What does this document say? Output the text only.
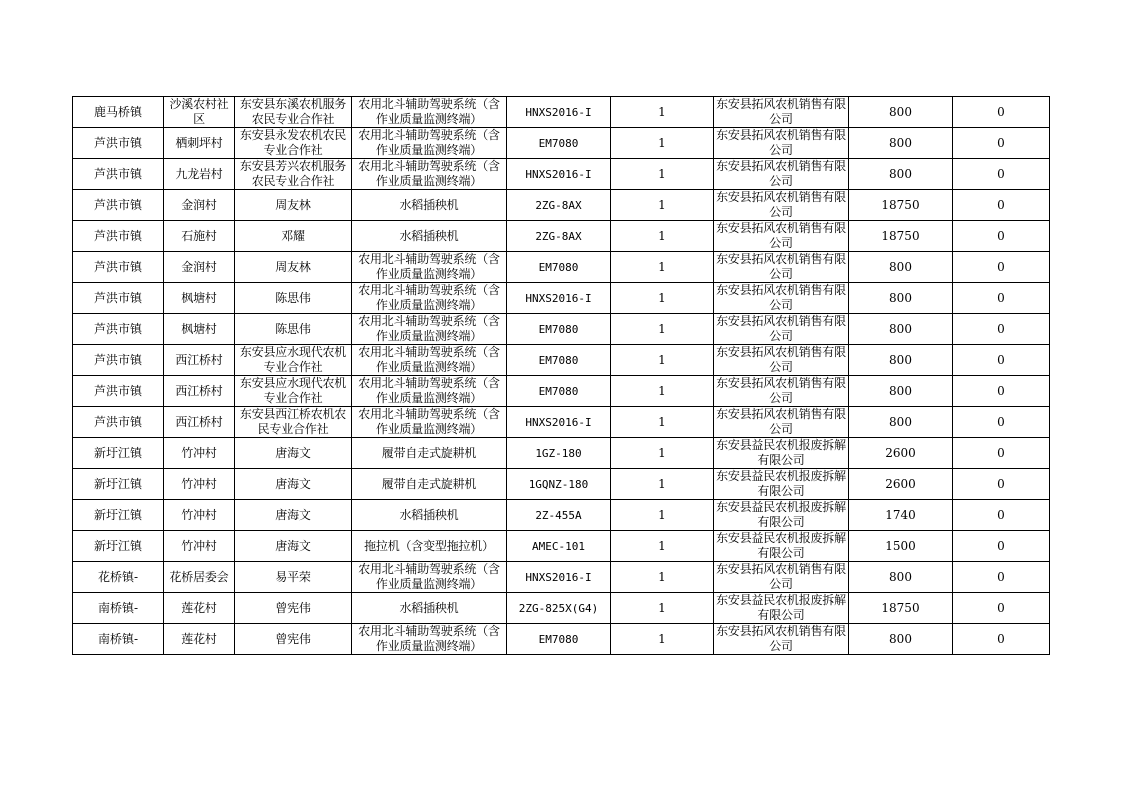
鹿马桥镇	沙溪农村社区	东安县东溪农机服务农民专业合作社	农用北斗辅助驾驶系统（含作业质量监测终端）	HNXS2016-I	1	东安县拓风农机销售有限公司	800	0
芦洪市镇	栖刺坪村	东安县永发农机农民专业合作社	农用北斗辅助驾驶系统（含作业质量监测终端）	EM7080	1	东安县拓风农机销售有限公司	800	0
芦洪市镇	九龙岩村	东安县芳兴农机服务农民专业合作社	农用北斗辅助驾驶系统（含作业质量监测终端）	HNXS2016-I	1	东安县拓风农机销售有限公司	800	0
芦洪市镇	金润村	周友林	水稻插秧机	2ZG-8AX	1	东安县拓风农机销售有限公司	18750	0
芦洪市镇	石施村	邓耀	水稻插秧机	2ZG-8AX	1	东安县拓风农机销售有限公司	18750	0
芦洪市镇	金润村	周友林	农用北斗辅助驾驶系统（含作业质量监测终端）	EM7080	1	东安县拓风农机销售有限公司	800	0
芦洪市镇	枫塘村	陈思伟	农用北斗辅助驾驶系统（含作业质量监测终端）	HNXS2016-I	1	东安县拓风农机销售有限公司	800	0
芦洪市镇	枫塘村	陈思伟	农用北斗辅助驾驶系统（含作业质量监测终端）	EM7080	1	东安县拓风农机销售有限公司	800	0
芦洪市镇	西江桥村	东安县应水现代农机专业合作社	农用北斗辅助驾驶系统（含作业质量监测终端）	EM7080	1	东安县拓风农机销售有限公司	800	0
芦洪市镇	西江桥村	东安县应水现代农机专业合作社	农用北斗辅助驾驶系统（含作业质量监测终端）	EM7080	1	东安县拓风农机销售有限公司	800	0
芦洪市镇	西江桥村	东安县西江桥农机农民专业合作社	农用北斗辅助驾驶系统（含作业质量监测终端）	HNXS2016-I	1	东安县拓风农机销售有限公司	800	0
新圩江镇	竹冲村	唐海文	履带自走式旋耕机	1GZ-180	1	东安县益民农机报废拆解有限公司	2600	0
新圩江镇	竹冲村	唐海文	履带自走式旋耕机	1GQNZ-180	1	东安县益民农机报废拆解有限公司	2600	0
新圩江镇	竹冲村	唐海文	水稻插秧机	2Z-455A	1	东安县益民农机报废拆解有限公司	1740	0
新圩江镇	竹冲村	唐海文	拖拉机（含变型拖拉机）	AMEC-101	1	东安县益民农机报废拆解有限公司	1500	0
花桥镇-	花桥居委会	易平荣	农用北斗辅助驾驶系统（含作业质量监测终端）	HNXS2016-I	1	东安县拓风农机销售有限公司	800	0
南桥镇-	莲花村	曾宪伟	水稻插秧机	2ZG-825X(G4)	1	东安县益民农机报废拆解有限公司	18750	0
南桥镇-	莲花村	曾宪伟	农用北斗辅助驾驶系统（含作业质量监测终端）	EM7080	1	东安县拓风农机销售有限公司	800	0
